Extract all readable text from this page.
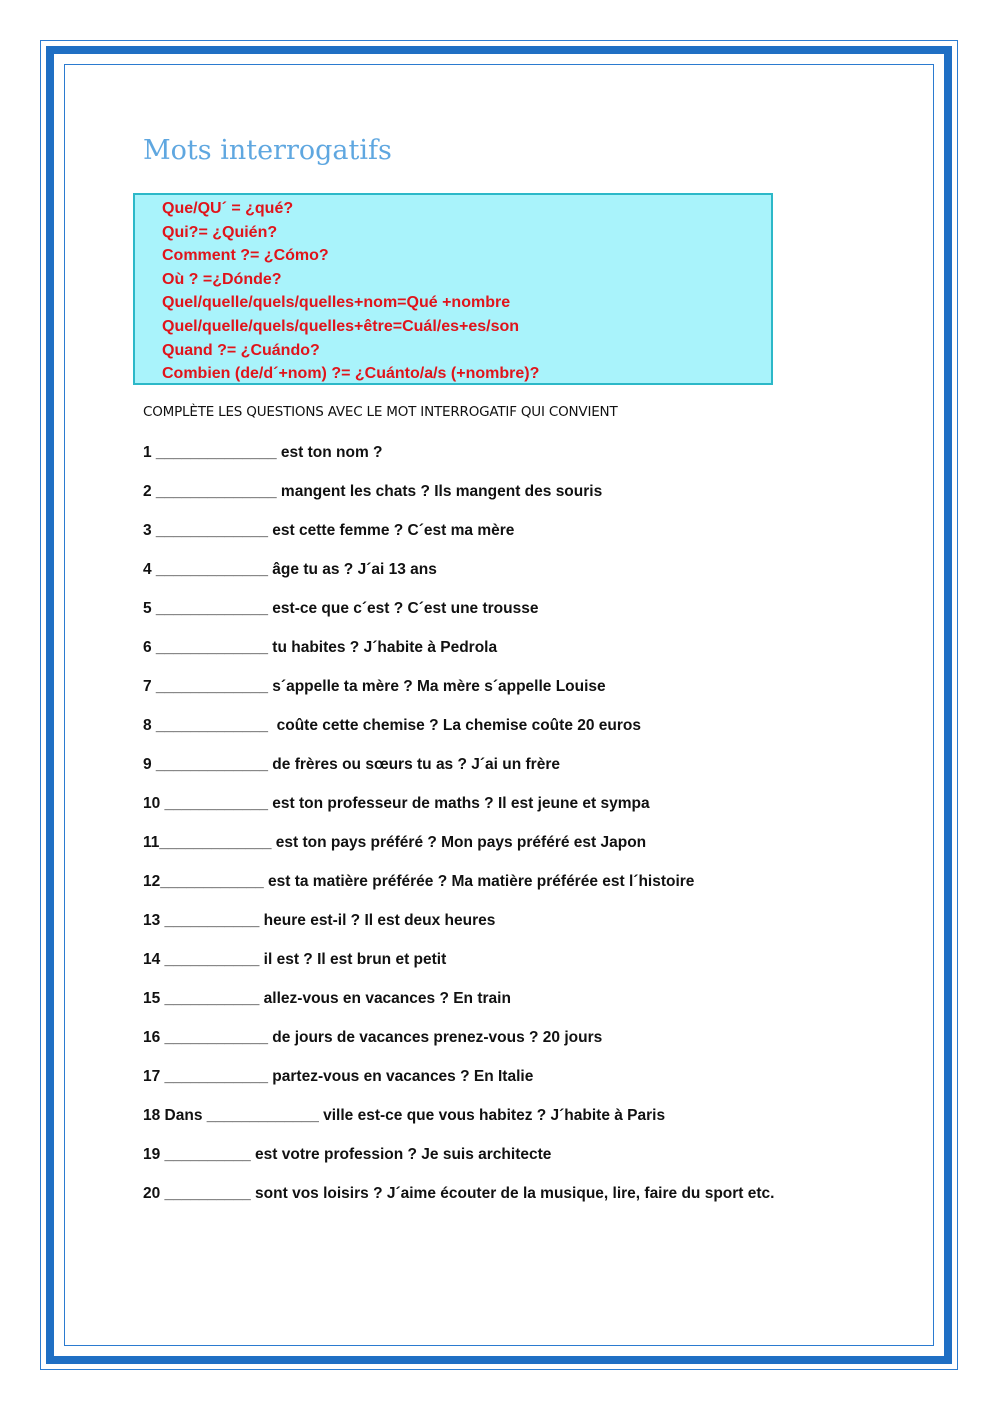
Mots interrogatifs
Que/QU´ = ¿qué?
Qui?= ¿Quién?
Comment ?= ¿Cómo?
Où ? =¿Dónde?
Quel/quelle/quels/quelles+nom=Qué +nombre
Quel/quelle/quels/quelles+être=Cuál/es+es/son
Quand ?= ¿Cuándo?
Combien (de/d´+nom) ?= ¿Cuánto/a/s (+nombre)?

COMPLÈTE LES QUESTIONS AVEC LE MOT INTERROGATIF QUI CONVIENT

1 ______________ est ton nom ?
2 ______________ mangent les chats ? Ils mangent des souris
3 _____________ est cette femme ? C´est ma mère
4 _____________ âge tu as ? J´ai 13 ans
5 _____________ est-ce que c´est ? C´est une trousse
6 _____________ tu habites ? J´habite à Pedrola
7 _____________ s´appelle ta mère ? Ma mère s´appelle Louise
8 _____________  coûte cette chemise ? La chemise coûte 20 euros
9 _____________ de frères ou sœurs tu as ? J´ai un frère
10 ____________ est ton professeur de maths ? Il est jeune et sympa
11_____________ est ton pays préféré ? Mon pays préféré est Japon
12____________ est ta matière préférée ? Ma matière préférée est l´histoire
13 ___________ heure est-il ? Il est deux heures
14 ___________ il est ? Il est brun et petit
15 ___________ allez-vous en vacances ? En train
16 ____________ de jours de vacances prenez-vous ? 20 jours
17 ____________ partez-vous en vacances ? En Italie
18 Dans _____________ ville est-ce que vous habitez ? J´habite à Paris
19 __________ est votre profession ? Je suis architecte
20 __________ sont vos loisirs ? J´aime écouter de la musique, lire, faire du sport etc.
